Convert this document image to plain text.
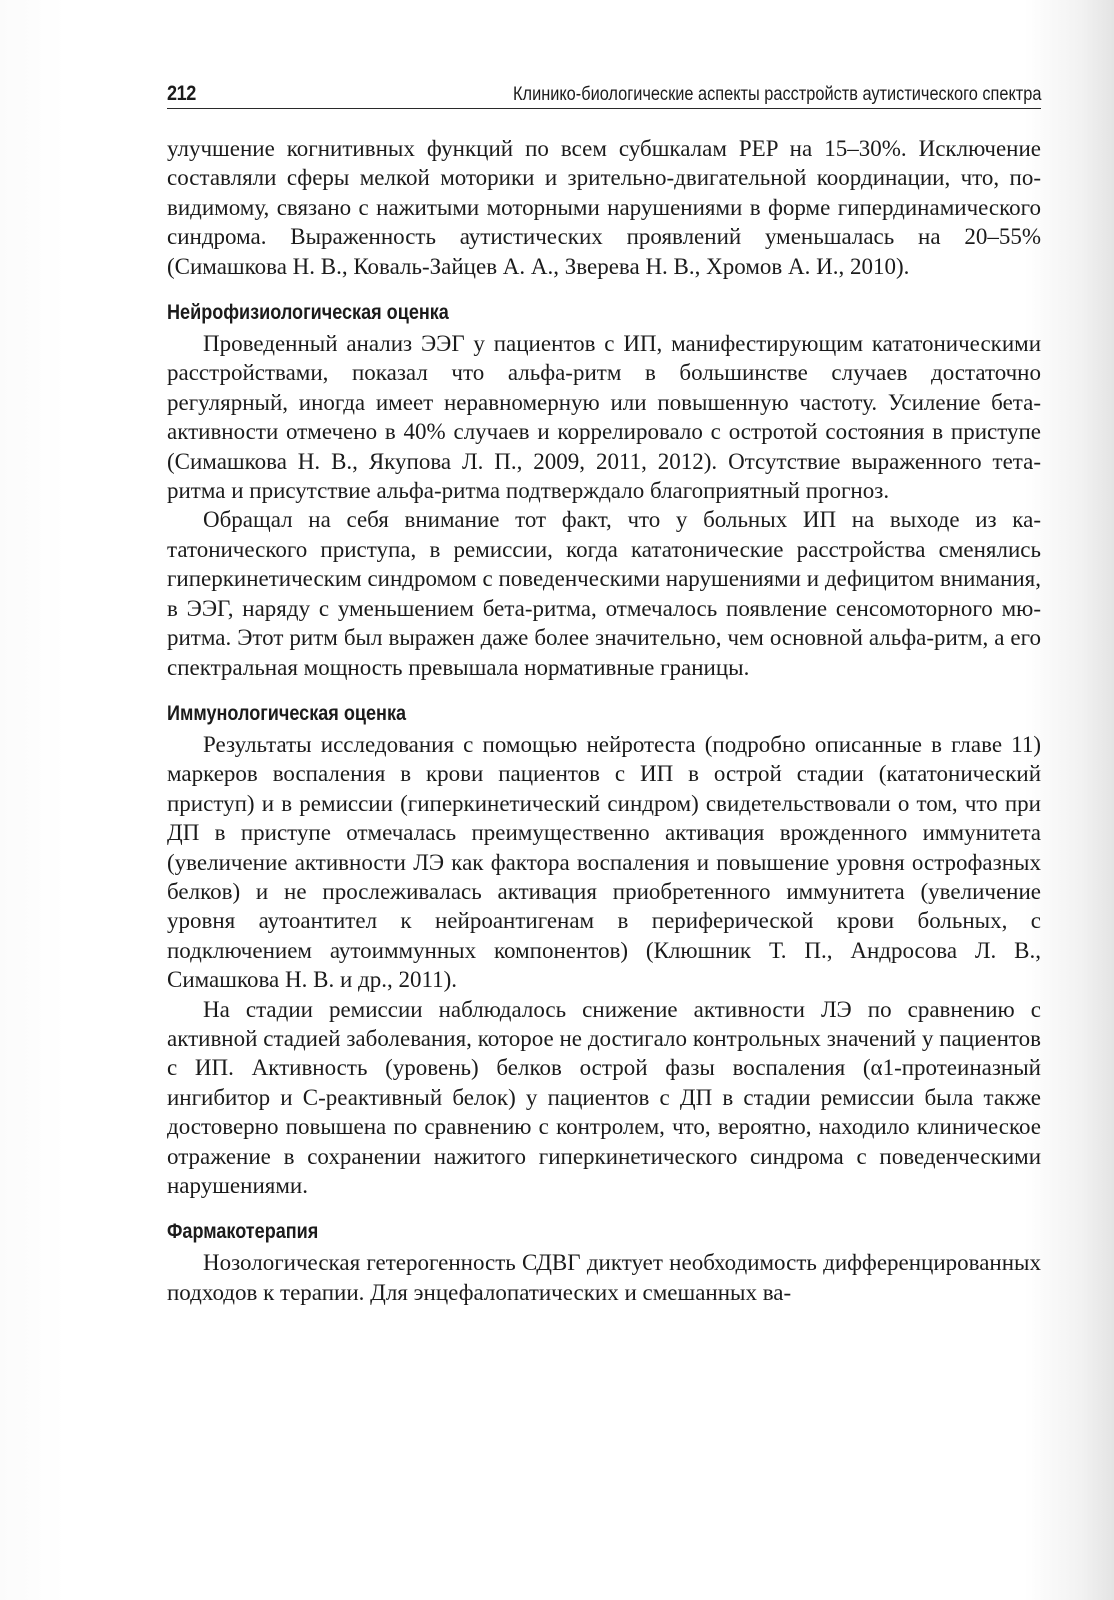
212	Клинико-биологические аспекты расстройств аутистического спектра

улучшение когнитивных функций по всем субшкалам PEP на 15–30%. Исключение составляли сферы мелкой моторики и зрительно-двигательной координации, что, по-видимому, связано с нажитыми моторными нарушениями в форме гипердинамического синдрома. Выраженность аутистических проявлений уменьшалась на 20–55% (Симашкова Н. В., Коваль-Зайцев А. А., Зверева Н. В., Хромов А. И., 2010).

Нейрофизиологическая оценка

Проведенный анализ ЭЭГ у пациентов с ИП, манифестирующим кататоническими расстройствами, показал что альфа-ритм в большинстве случаев достаточно регулярный, иногда имеет неравномерную или повышенную частоту. Усиление бета-активности отмечено в 40% случаев и коррелировало с остротой состояния в приступе (Симашкова Н. В., Якупова Л. П., 2009, 2011, 2012). Отсутствие выраженного тета-ритма и присутствие альфа-ритма подтверждало благоприятный прогноз.

Обращал на себя внимание тот факт, что у больных ИП на выходе из кататонического приступа, в ремиссии, когда кататонические расстройства сменялись гиперкинетическим синдромом с поведенческими нарушениями и дефицитом внимания, в ЭЭГ, наряду с уменьшением бета-ритма, отмечалось появление сенсомоторного мю-ритма. Этот ритм был выражен даже более значительно, чем основной альфа-ритм, а его спектральная мощность превышала нормативные границы.

Иммунологическая оценка

Результаты исследования с помощью нейротеста (подробно описанные в главе 11) маркеров воспаления в крови пациентов с ИП в острой стадии (кататонический приступ) и в ремиссии (гиперкинетический синдром) свидетельствовали о том, что при ДП в приступе отмечалась преимущественно активация врожденного иммунитета (увеличение активности ЛЭ как фактора воспаления и повышение уровня острофазных белков) и не прослеживалась активация приобретенного иммунитета (увеличение уровня аутоантител к нейроантигенам в периферической крови больных, с подключением аутоиммунных компонентов) (Клюшник Т. П., Андросова Л. В., Симашкова Н. В. и др., 2011).

На стадии ремиссии наблюдалось снижение активности ЛЭ по сравнению с активной стадией заболевания, которое не достигало контрольных значений у пациентов с ИП. Активность (уровень) белков острой фазы воспаления (α1-протеиназный ингибитор и С-реактивный белок) у пациентов с ДП в стадии ремиссии была также достоверно повышена по сравнению с контролем, что, вероятно, находило клиническое отражение в сохранении нажитого гиперкинетического синдрома с поведенческими нарушениями.

Фармакотерапия

Нозологическая гетерогенность СДВГ диктует необходимость дифференцированных подходов к терапии. Для энцефалопатических и смешанных ва-
